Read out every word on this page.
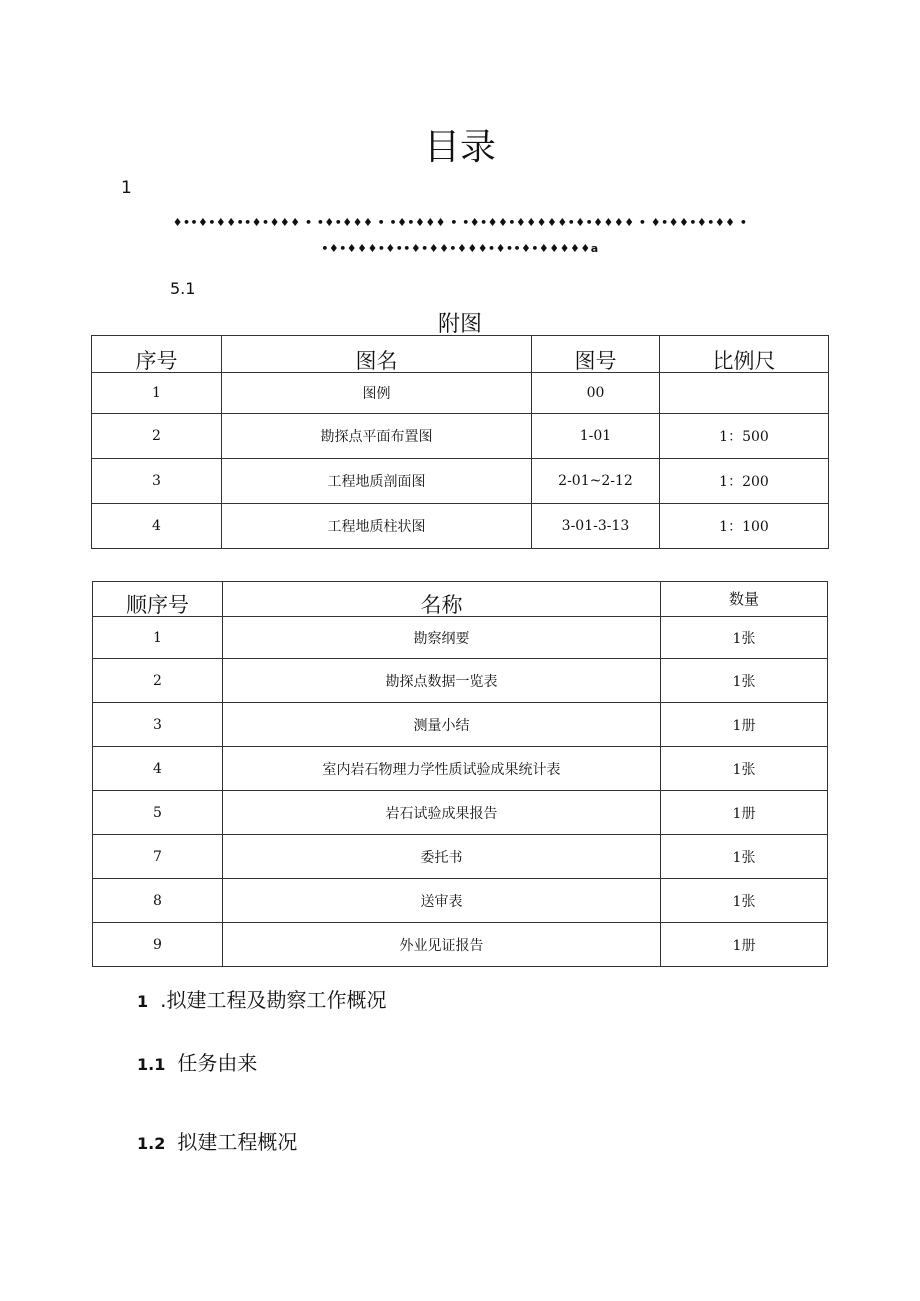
目录
1
♦••♦•♦♦••♦•♦♦♦ • •♦•♦♦♦ • •♦•♦♦♦ • •♦•♦♦•♦♦♦♦♦•♦•♦♦♦♦ • ♦•♦♦•♦•♦♦ •
•♦•♦♦♦•♦••♦•♦♦•♦♦♦•♦••♦•♦♦♦♦♦a
5.1
附图
序号	图名	图号	比例尺
1	图例	00	
2	勘探点平面布置图	1-01	1：500
3	工程地质剖面图	2-01~2-12	1：200
4	工程地质柱状图	3-01-3-13	1：100
顺序号	名称	数量
1	勘察纲要	1张
2	勘探点数据一览表	1张
3	测量小结	1册
4	室内岩石物理力学性质试验成果统计表	1张
5	岩石试验成果报告	1册
7	委托书	1张
8	送审表	1张
9	外业见证报告	1册
1 .拟建工程及勘察工作概况
1.1 任务由来
1.2 拟建工程概况
